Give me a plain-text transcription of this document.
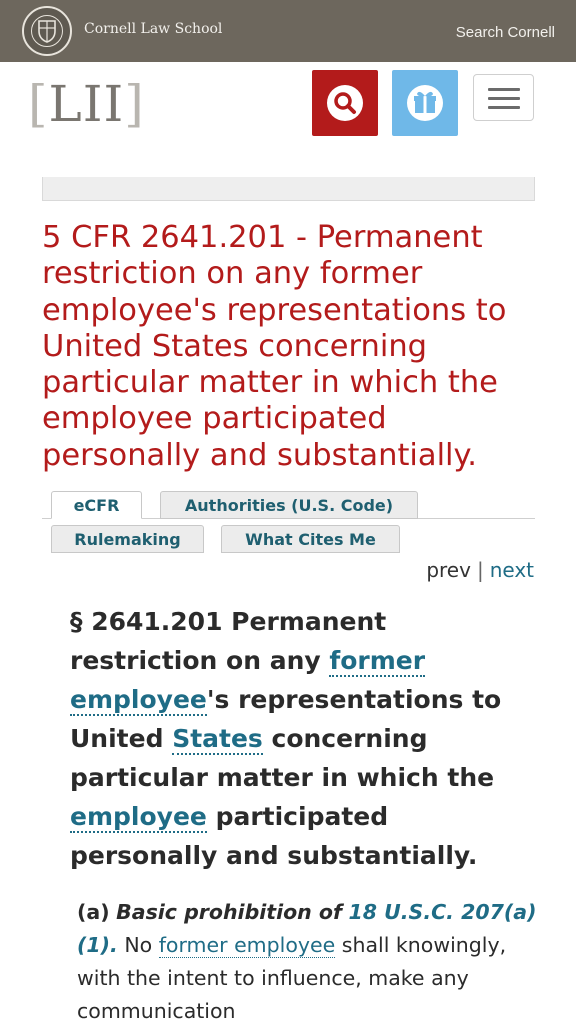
Cornell Law School	Search Cornell
[LII]
5 CFR 2641.201 - Permanent restriction on any former employee's representations to United States concerning particular matter in which the employee participated personally and substantially.
eCFR	Authorities (U.S. Code)
Rulemaking	What Cites Me
prev | next
§ 2641.201 Permanent restriction on any former employee's representations to United States concerning particular matter in which the employee participated personally and substantially.
(a) Basic prohibition of 18 U.S.C. 207(a)(1). No former employee shall knowingly, with the intent to influence, make any communication
